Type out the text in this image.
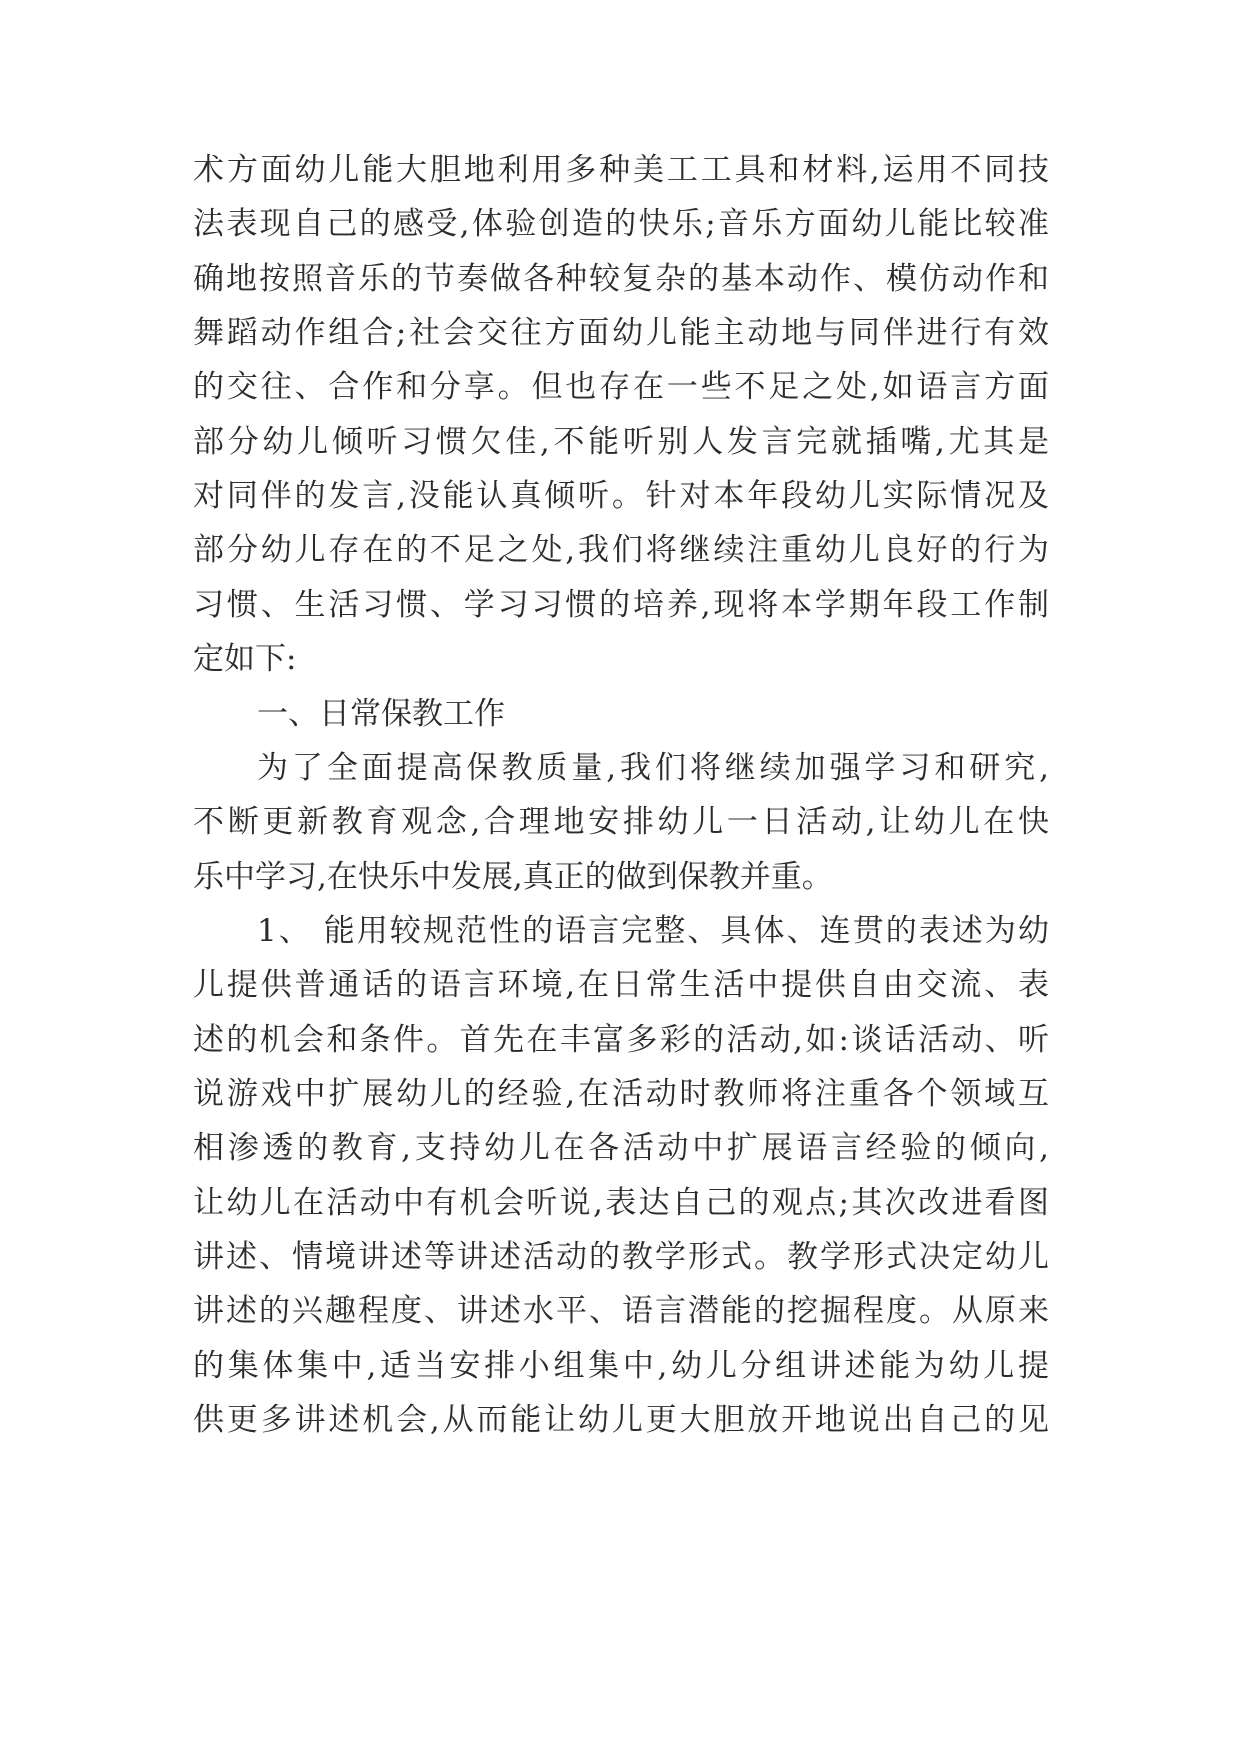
术方面幼儿能大胆地利用多种美工工具和材料,运用不同技

法表现自己的感受,体验创造的快乐;音乐方面幼儿能比较准

确地按照音乐的节奏做各种较复杂的基本动作、模仿动作和

舞蹈动作组合;社会交往方面幼儿能主动地与同伴进行有效

的交往、合作和分享。但也存在一些不足之处,如语言方面

部分幼儿倾听习惯欠佳,不能听别人发言完就插嘴,尤其是

对同伴的发言,没能认真倾听。针对本年段幼儿实际情况及

部分幼儿存在的不足之处,我们将继续注重幼儿良好的行为

习惯、生活习惯、学习习惯的培养,现将本学期年段工作制

定如下:

一、日常保教工作

为了全面提高保教质量,我们将继续加强学习和研究,

不断更新教育观念,合理地安排幼儿一日活动,让幼儿在快

乐中学习,在快乐中发展,真正的做到保教并重。

1、 能用较规范性的语言完整、具体、连贯的表述为幼

儿提供普通话的语言环境,在日常生活中提供自由交流、表

述的机会和条件。首先在丰富多彩的活动,如:谈话活动、听

说游戏中扩展幼儿的经验,在活动时教师将注重各个领域互

相渗透的教育,支持幼儿在各活动中扩展语言经验的倾向,

让幼儿在活动中有机会听说,表达自己的观点;其次改进看图

讲述、情境讲述等讲述活动的教学形式。教学形式决定幼儿

讲述的兴趣程度、讲述水平、语言潜能的挖掘程度。从原来

的集体集中,适当安排小组集中,幼儿分组讲述能为幼儿提

供更多讲述机会,从而能让幼儿更大胆放开地说出自己的见
